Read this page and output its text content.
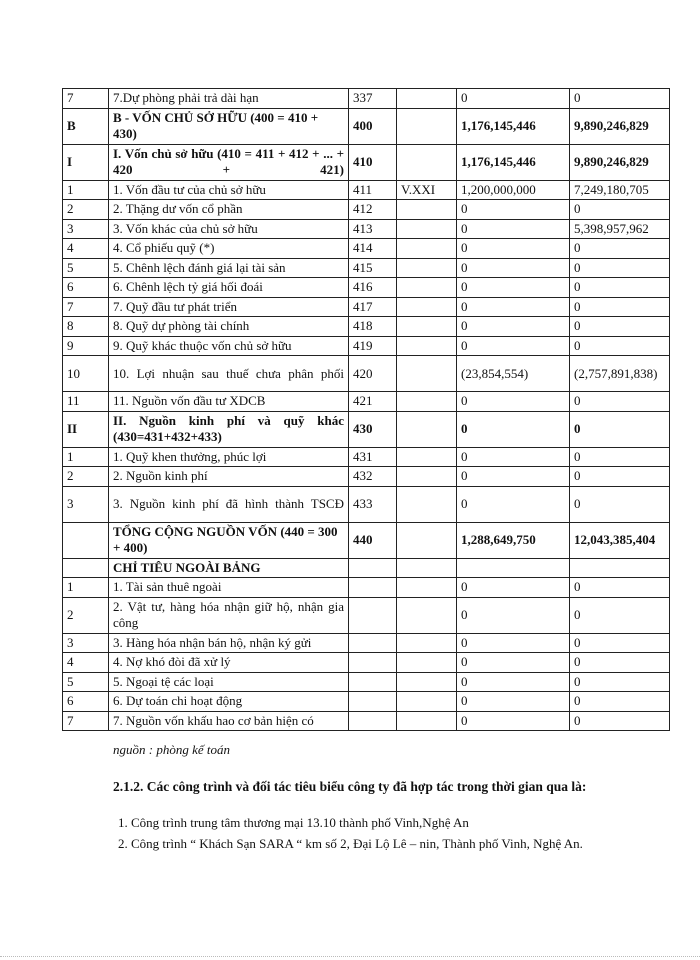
7	7.Dự phòng phải trả dài hạn	337		0	0
B	B - VỐN CHỦ SỞ HỮU (400 = 410 + 430)	400		1,176,145,446	9,890,246,829
I	I. Vốn chủ sở hữu (410 = 411 + 412 + ... + 420 + 421)	410		1,176,145,446	9,890,246,829
1	1. Vốn đầu tư của chủ sở hữu	411	V.XXI	1,200,000,000	7,249,180,705
2	2. Thặng dư vốn cổ phần	412		0	0
3	3. Vốn khác của chủ sở hữu	413		0	5,398,957,962
4	4. Cổ phiếu quỹ (*)	414		0	0
5	5. Chênh lệch đánh giá lại tài sản	415		0	0
6	6. Chênh lệch tỷ giá hối đoái	416		0	0
7	7. Quỹ đầu tư phát triển	417		0	0
8	8. Quỹ dự phòng tài chính	418		0	0
9	9. Quỹ khác thuộc vốn chủ sở hữu	419		0	0
10	10. Lợi nhuận sau thuế chưa phân phối	420		(23,854,554)	(2,757,891,838)
11	11. Nguồn vốn đầu tư XDCB	421		0	0
II	II. Nguồn kinh phí và quỹ khác (430=431+432+433)	430		0	0
1	1. Quỹ khen thưởng, phúc lợi	431		0	0
2	2. Nguồn kinh phí	432		0	0
3	3. Nguồn kinh phí đã hình thành TSCĐ	433		0	0
	TỔNG CỘNG NGUỒN VỐN (440 = 300 + 400)	440		1,288,649,750	12,043,385,404
	CHỈ TIÊU NGOÀI BẢNG				
1	1. Tài sản thuê ngoài			0	0
2	2. Vật tư, hàng hóa nhận giữ hộ, nhận gia công			0	0
3	3. Hàng hóa nhận bán hộ, nhận ký gửi			0	0
4	4. Nợ khó đòi đã xử lý			0	0
5	5. Ngoại tệ các loại			0	0
6	6. Dự toán chi hoạt động			0	0
7	7. Nguồn vốn khấu hao cơ bản hiện có			0	0
nguồn : phòng kế toán
2.1.2. Các công trình và đối tác tiêu biểu công ty đã hợp tác trong thời gian qua là:
1. Công trình trung tâm thương mại 13.10 thành phố Vinh,Nghệ An
2. Công trình “ Khách Sạn SARA “ km số 2, Đại Lộ Lê – nin, Thành phố Vinh, Nghệ An.
